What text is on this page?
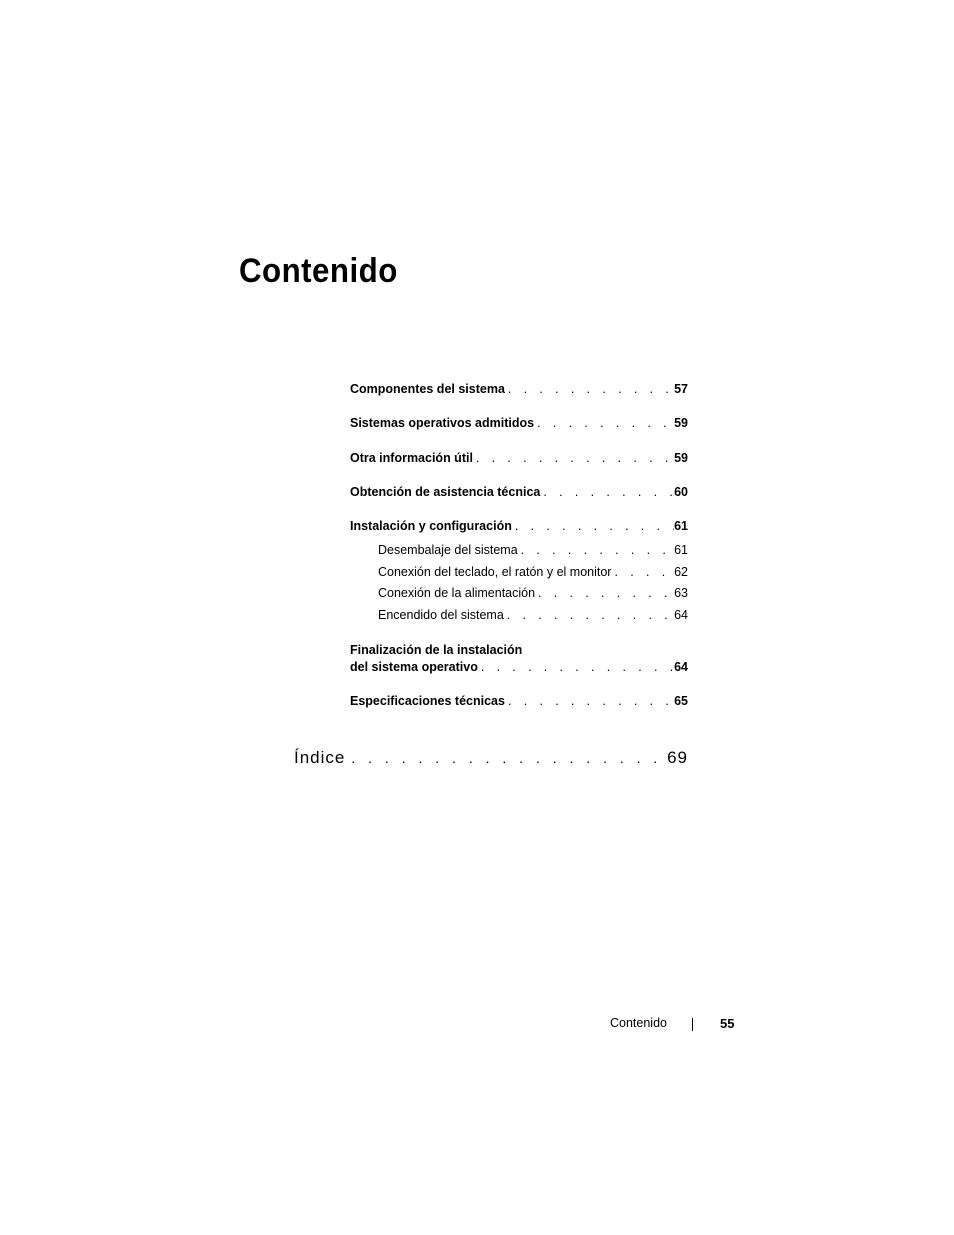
Contenido
Componentes del sistema . . .	57
Sistemas operativos admitidos . . .	59
Otra información útil . . .	59
Obtención de asistencia técnica . . .	60
Instalación y configuración . . .	61
Desembalaje del sistema . . .	61
Conexión del teclado, el ratón y el monitor . . .	62
Conexión de la alimentación . . .	63
Encendido del sistema . . .	64
Finalización de la instalación
del sistema operativo . . .	64
Especificaciones técnicas . . .	65
Índice . . .	69
Contenido	55
